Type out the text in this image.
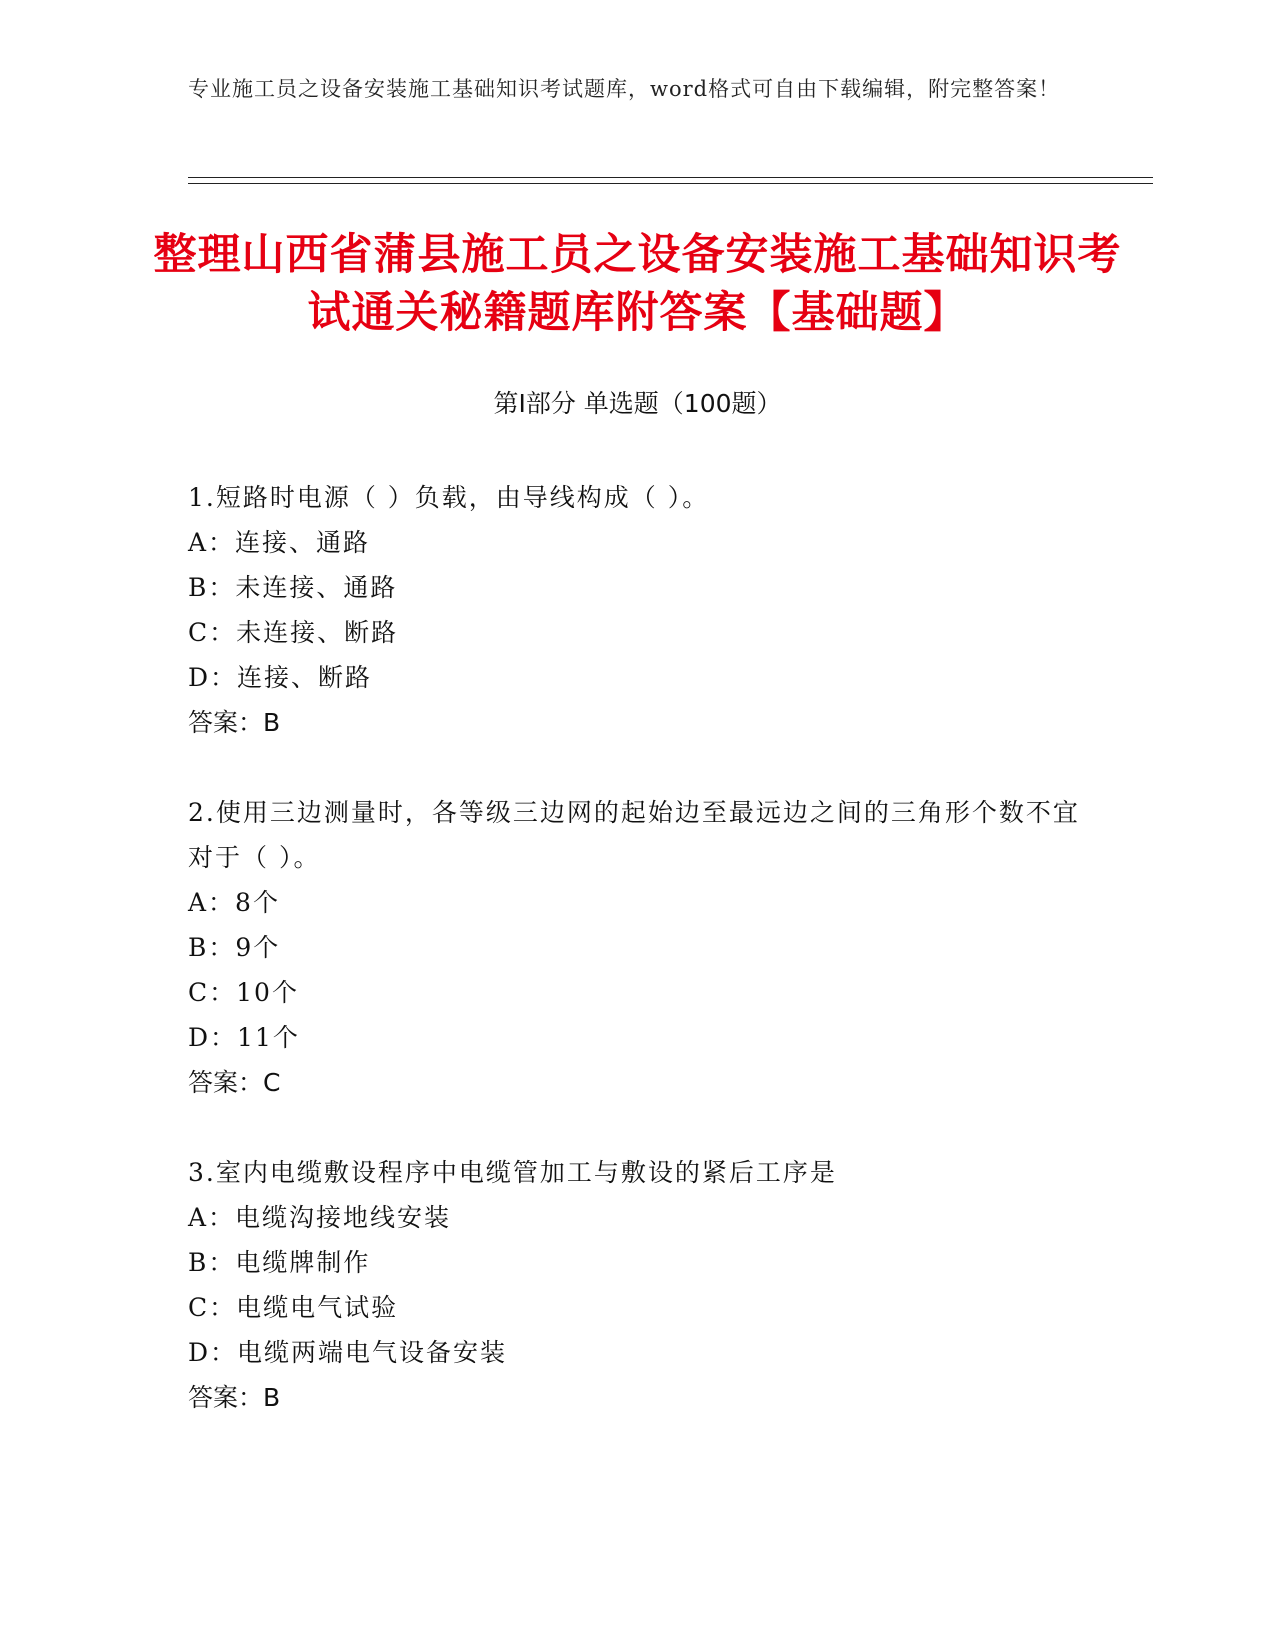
专业施工员之设备安装施工基础知识考试题库，word格式可自由下载编辑，附完整答案！
整理山西省蒲县施工员之设备安装施工基础知识考试通关秘籍题库附答案【基础题】
第Ⅰ部分 单选题（100题）
1.短路时电源（ ）负载，由导线构成（ ）。
A：连接、通路
B：未连接、通路
C：未连接、断路
D：连接、断路
答案：B
2.使用三边测量时，各等级三边网的起始边至最远边之间的三角形个数不宜对于（ ）。
A：8个
B：9个
C：10个
D：11个
答案：C
3.室内电缆敷设程序中电缆管加工与敷设的紧后工序是
A：电缆沟接地线安装
B：电缆牌制作
C：电缆电气试验
D：电缆两端电气设备安装
答案：B
